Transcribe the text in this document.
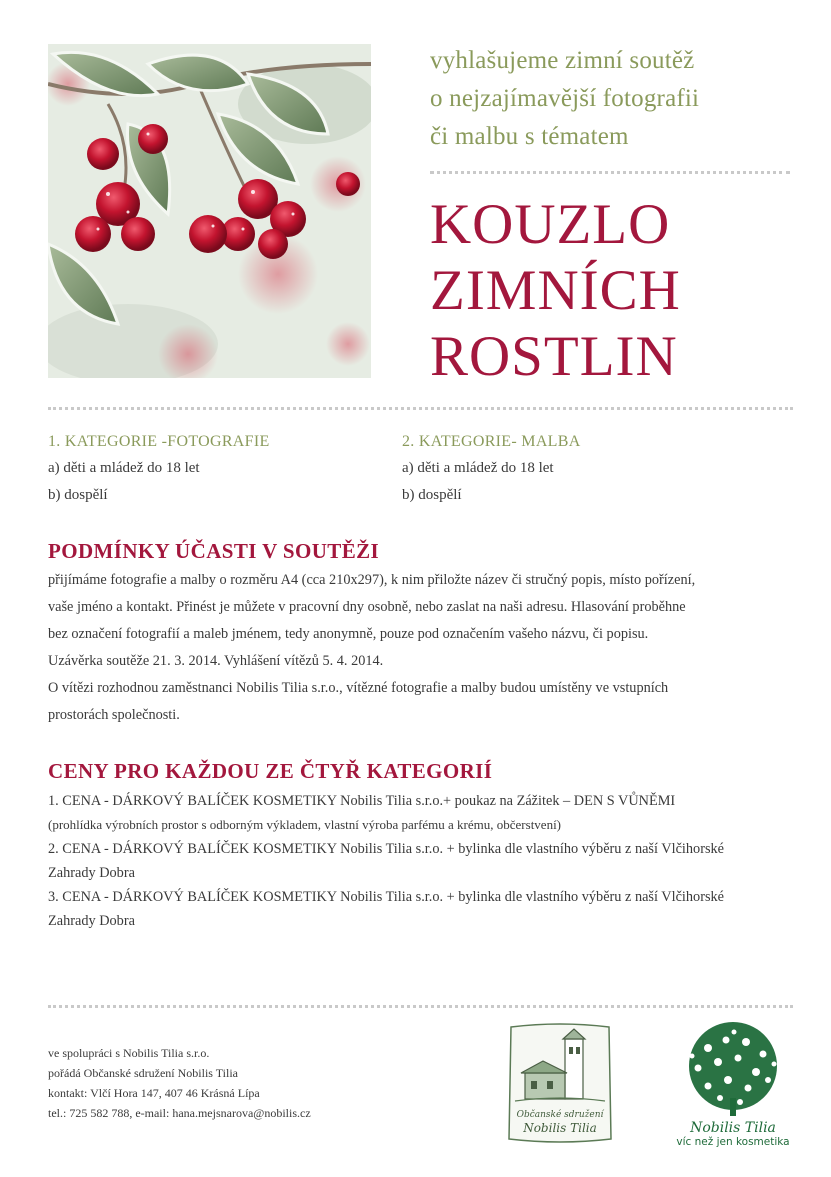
vyhlašujeme zimní soutěž
o nejzajímavější fotografii
či malbu s tématem
KOUZLO
ZIMNÍCH
ROSTLIN
1. KATEGORIE -FOTOGRAFIE
a) děti a mládež do 18 let
b) dospělí
2. KATEGORIE- MALBA
a) děti a mládež do 18 let
b) dospělí
PODMÍNKY ÚČASTI V SOUTĚŽI

přijímáme fotografie a malby o rozměru A4 (cca 210x297), k nim přiložte název či stručný popis, místo pořízení,

vaše jméno a kontakt. Přinést je můžete v pracovní dny osobně, nebo zaslat na naši adresu. Hlasování proběhne

bez označení fotografií a maleb jménem, tedy anonymně, pouze pod označením vašeho názvu, či popisu.

Uzávěrka soutěže 21. 3. 2014. Vyhlášení vítězů 5. 4. 2014.

O vítězi rozhodnou zaměstnanci Nobilis Tilia s.r.o., vítězné fotografie a malby budou umístěny ve vstupních

prostorách společnosti.

CENY PRO KAŽDOU ZE ČTYŘ KATEGORIÍ

1. CENA - DÁRKOVÝ BALÍČEK KOSMETIKY Nobilis Tilia s.r.o.+ poukaz na Zážitek – DEN S VŮNĚMI

(prohlídka výrobních prostor s odborným výkladem, vlastní výroba parfému a krému, občerstvení)

2. CENA - DÁRKOVÝ BALÍČEK KOSMETIKY Nobilis Tilia s.r.o. + bylinka dle vlastního výběru z naší Vlčihorské

Zahrady Dobra

3. CENA - DÁRKOVÝ BALÍČEK KOSMETIKY Nobilis Tilia s.r.o. + bylinka dle vlastního výběru z naší Vlčihorské

Zahrady Dobra

ve spolupráci s Nobilis Tilia s.r.o.

pořádá Občanské sdružení Nobilis Tilia

kontakt: Vlčí Hora 147, 407 46 Krásná Lípa

tel.: 725 582 788, e-mail: hana.mejsnarova@nobilis.cz	Občanské sdružení
Nobilis Tilia	Nobilis Tilia
víc než jen kosmetika
